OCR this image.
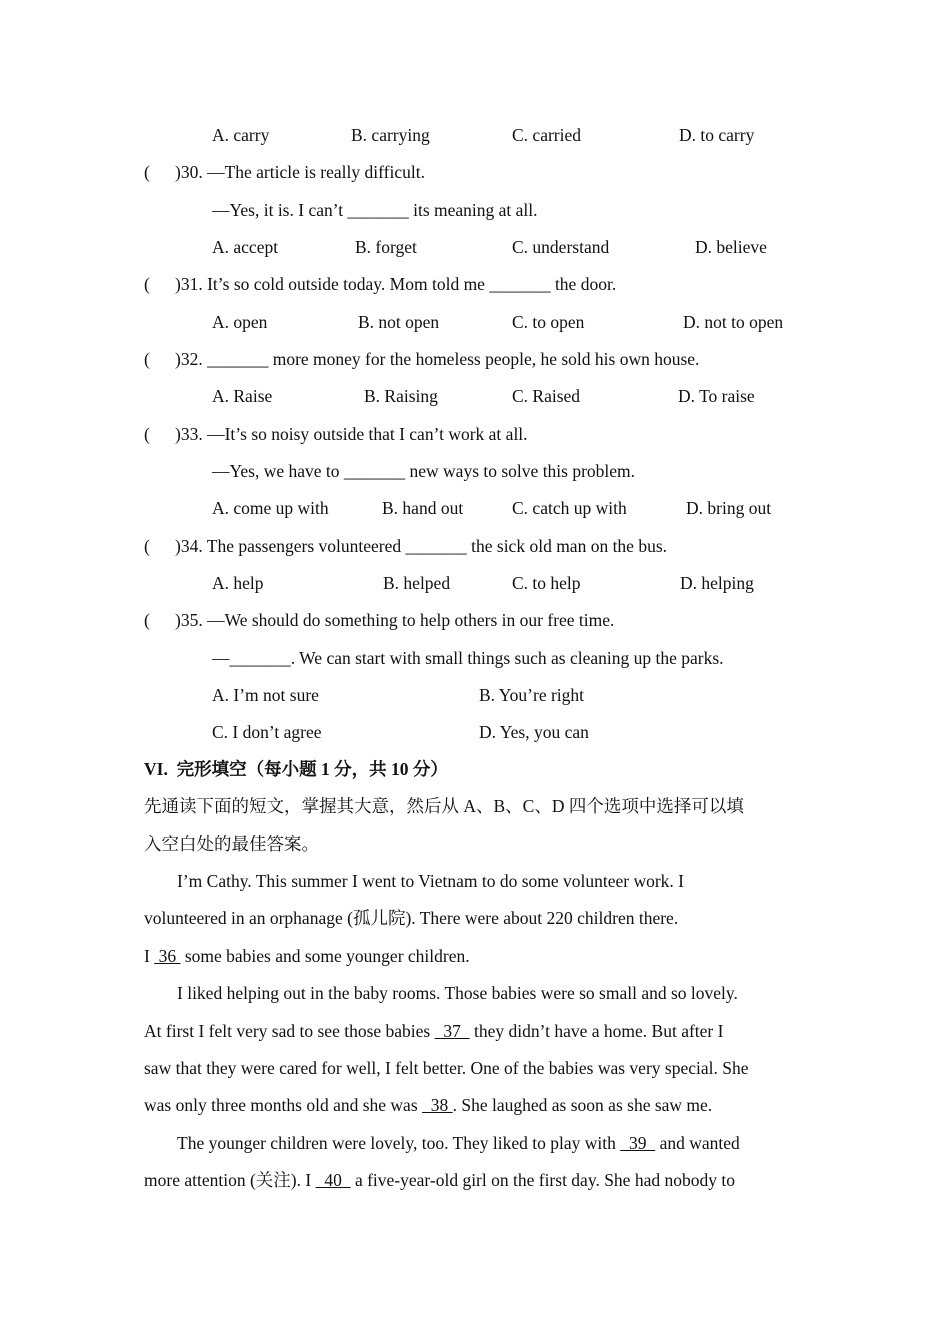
A. carry	B. carrying	C. carried	D. to carry
( )30. —The article is really difficult.
—Yes, it is. I can’t _______ its meaning at all.
A. accept	B. forget	C. understand	D. believe
( )31. It’s so cold outside today. Mom told me _______ the door.
A. open	B. not open	C. to open	D. not to open
( )32. _______ more money for the homeless people, he sold his own house.
A. Raise	B. Raising	C. Raised	D. To raise
( )33. —It’s so noisy outside that I can’t work at all.
—Yes, we have to _______ new ways to solve this problem.
A. come up with	B. hand out	C. catch up with	D. bring out
( )34. The passengers volunteered _______ the sick old man on the bus.
A. help	B. helped	C. to help	D. helping
( )35. —We should do something to help others in our free time.
—_______. We can start with small things such as cleaning up the parks.
A. I’m not sure	B. You’re right
C. I don’t agree	D. Yes, you can
VI.  完形填空（每小题 1 分，共 10 分）
先通读下面的短文，掌握其大意，然后从 A、B、C、D 四个选项中选择可以填
入空白处的最佳答案。
I’m Cathy. This summer I went to Vietnam to do some volunteer work. I
volunteered in an orphanage (孤儿院). There were about 220 children there.
I  36  some babies and some younger children.
I liked helping out in the baby rooms. Those babies were so small and so lovely.
At first I felt very sad to see those babies   37   they didn’t have a home. But after I
saw that they were cared for well, I felt better. One of the babies was very special. She
was only three months old and she was   38 . She laughed as soon as she saw me.
The younger children were lovely, too. They liked to play with   39   and wanted
more attention (关注). I   40   a five-year-old girl on the first day. She had nobody to
